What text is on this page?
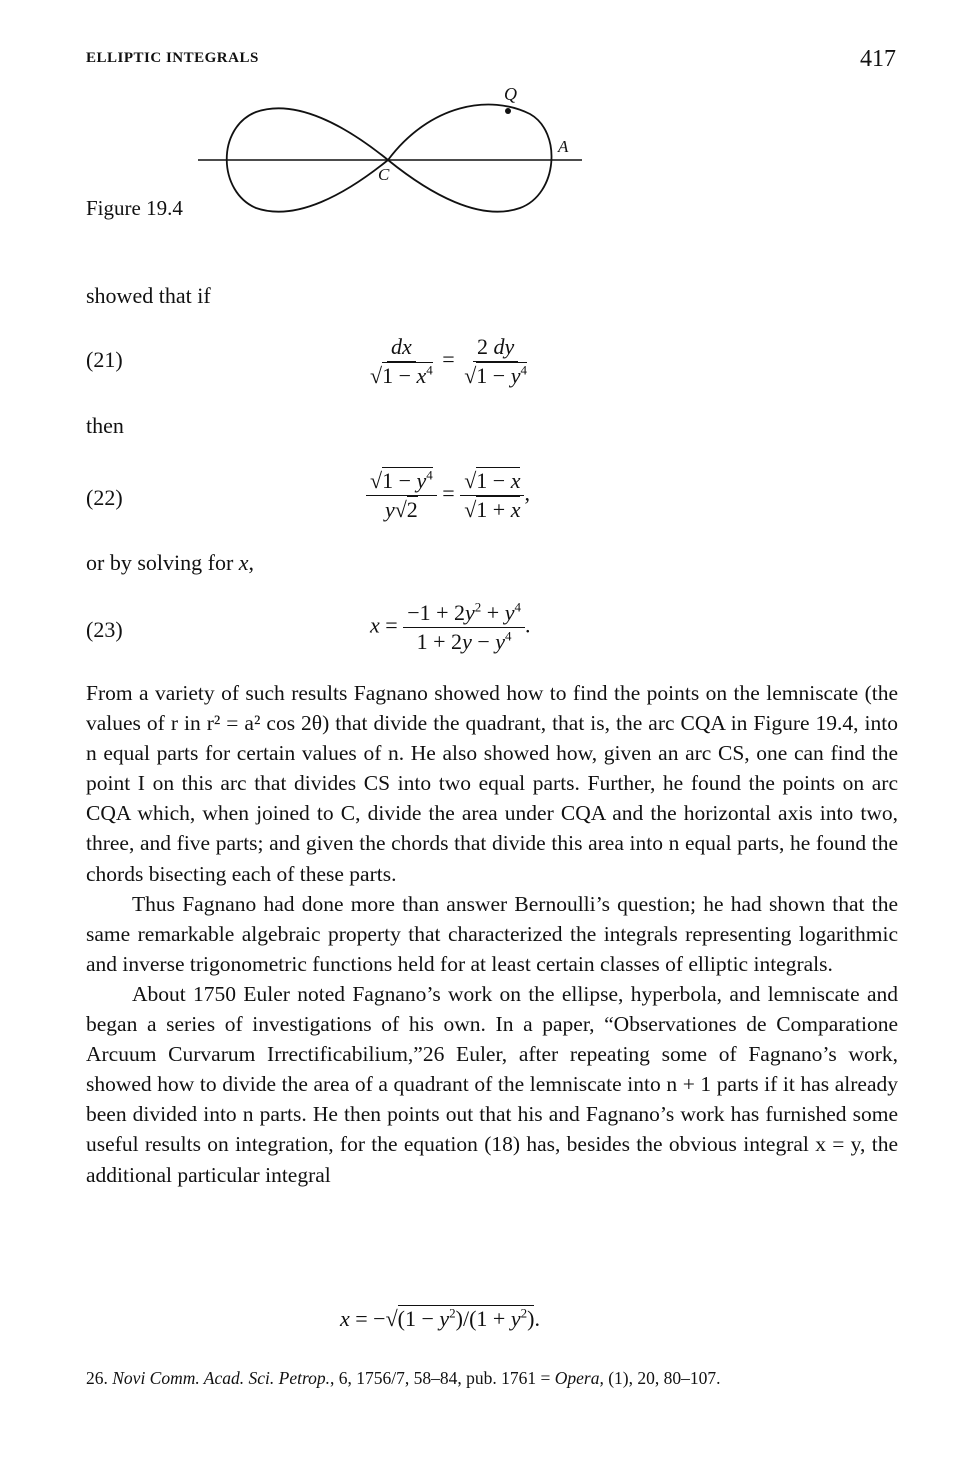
ELLIPTIC INTEGRALS	417
Figure 19.4
Q
A
C
showed that if
(21)	$\frac{dx}{√1 - x^4} = \frac{2 dy}{√1 - y^4}$
then
(22)	$\frac{√1 - y^4}{y√2} = \frac{√1 - x}{√1 + x}$ ,
or by solving for x,
(23)	$x = \frac{-1 + 2y^2 + y^4}{1 + 2y - y^4}$ .

From a variety of such results Fagnano showed how to find the points on the lemniscate (the values of r in r² = a² cos 2θ) that divide the quadrant, that is, the arc CQA in Figure 19.4, into n equal parts for certain values of n. He also showed how, given an arc CS, one can find the point I on this arc that divides CS into two equal parts. Further, he found the points on arc CQA which, when joined to C, divide the area under CQA and the horizontal axis into two, three, and five parts; and given the chords that divide this area into n equal parts, he found the chords bisecting each of these parts.

Thus Fagnano had done more than answer Bernoulli’s question; he had shown that the same remarkable algebraic property that characterized the integrals representing logarithmic and inverse trigonometric functions held for at least certain classes of elliptic integrals.

About 1750 Euler noted Fagnano’s work on the ellipse, hyperbola, and lemniscate and began a series of investigations of his own. In a paper, “Observationes de Comparatione Arcuum Curvarum Irrectificabilium,”26 Euler, after repeating some of Fagnano’s work, showed how to divide the area of a quadrant of the lemniscate into n + 1 parts if it has already been divided into n parts. He then points out that his and Fagnano’s work has furnished some useful results on integration, for the equation (18) has, besides the obvious integral x = y, the additional particular integral

$x = -√(1 - y^2)/(1 + y^2)$.
26. Novi Comm. Acad. Sci. Petrop., 6, 1756/7, 58–84, pub. 1761 = Opera, (1), 20, 80–107.
